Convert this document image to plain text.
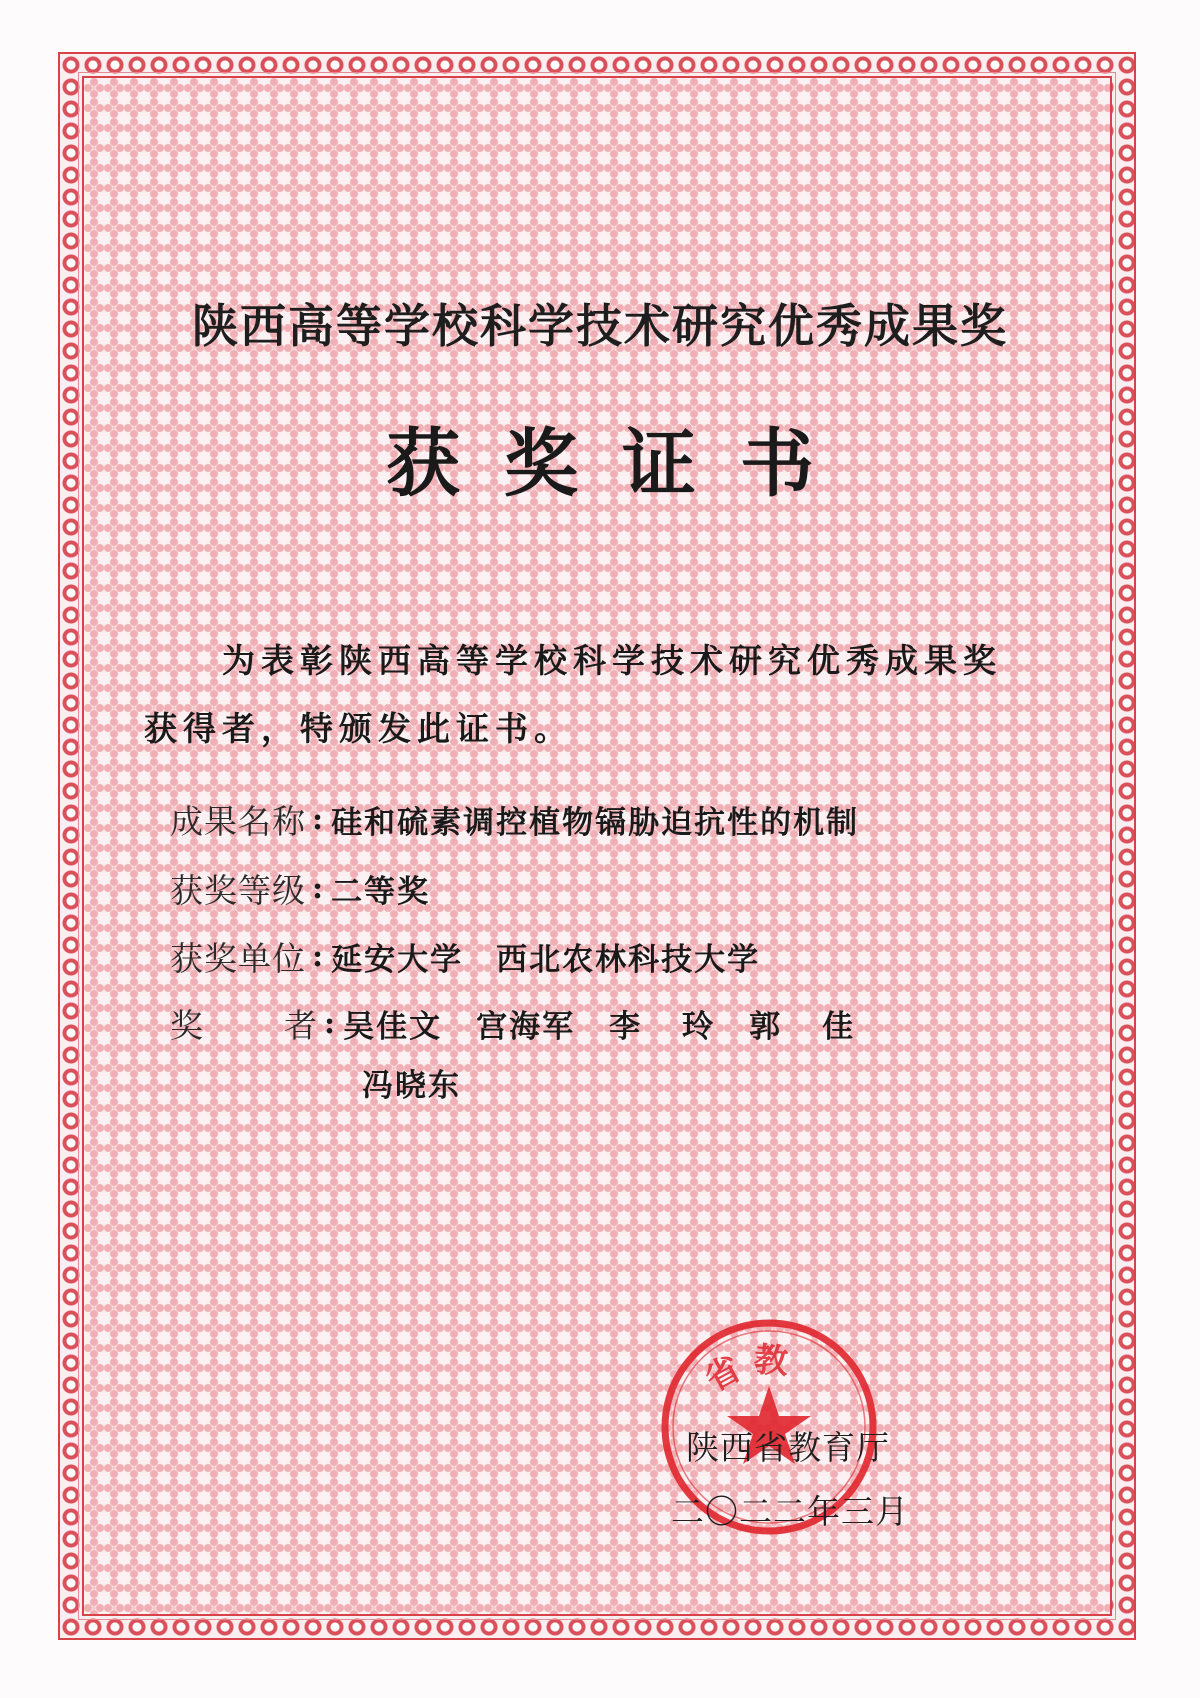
陕西高等学校科学技术研究优秀成果奖
获奖证书
为表彰陕西高等学校科学技术研究优秀成果奖获得者，特颁发此证书。
成果名称 : 硅和硫素调控植物镉胁迫抗性的机制
获奖等级 : 二等奖
获奖单位 : 延安大学　西北农林科技大学
奖　者 : 吴佳文 宫海军 李玲
郭佳
冯晓东
省教
陕西省教育厅
二〇二二年三月
